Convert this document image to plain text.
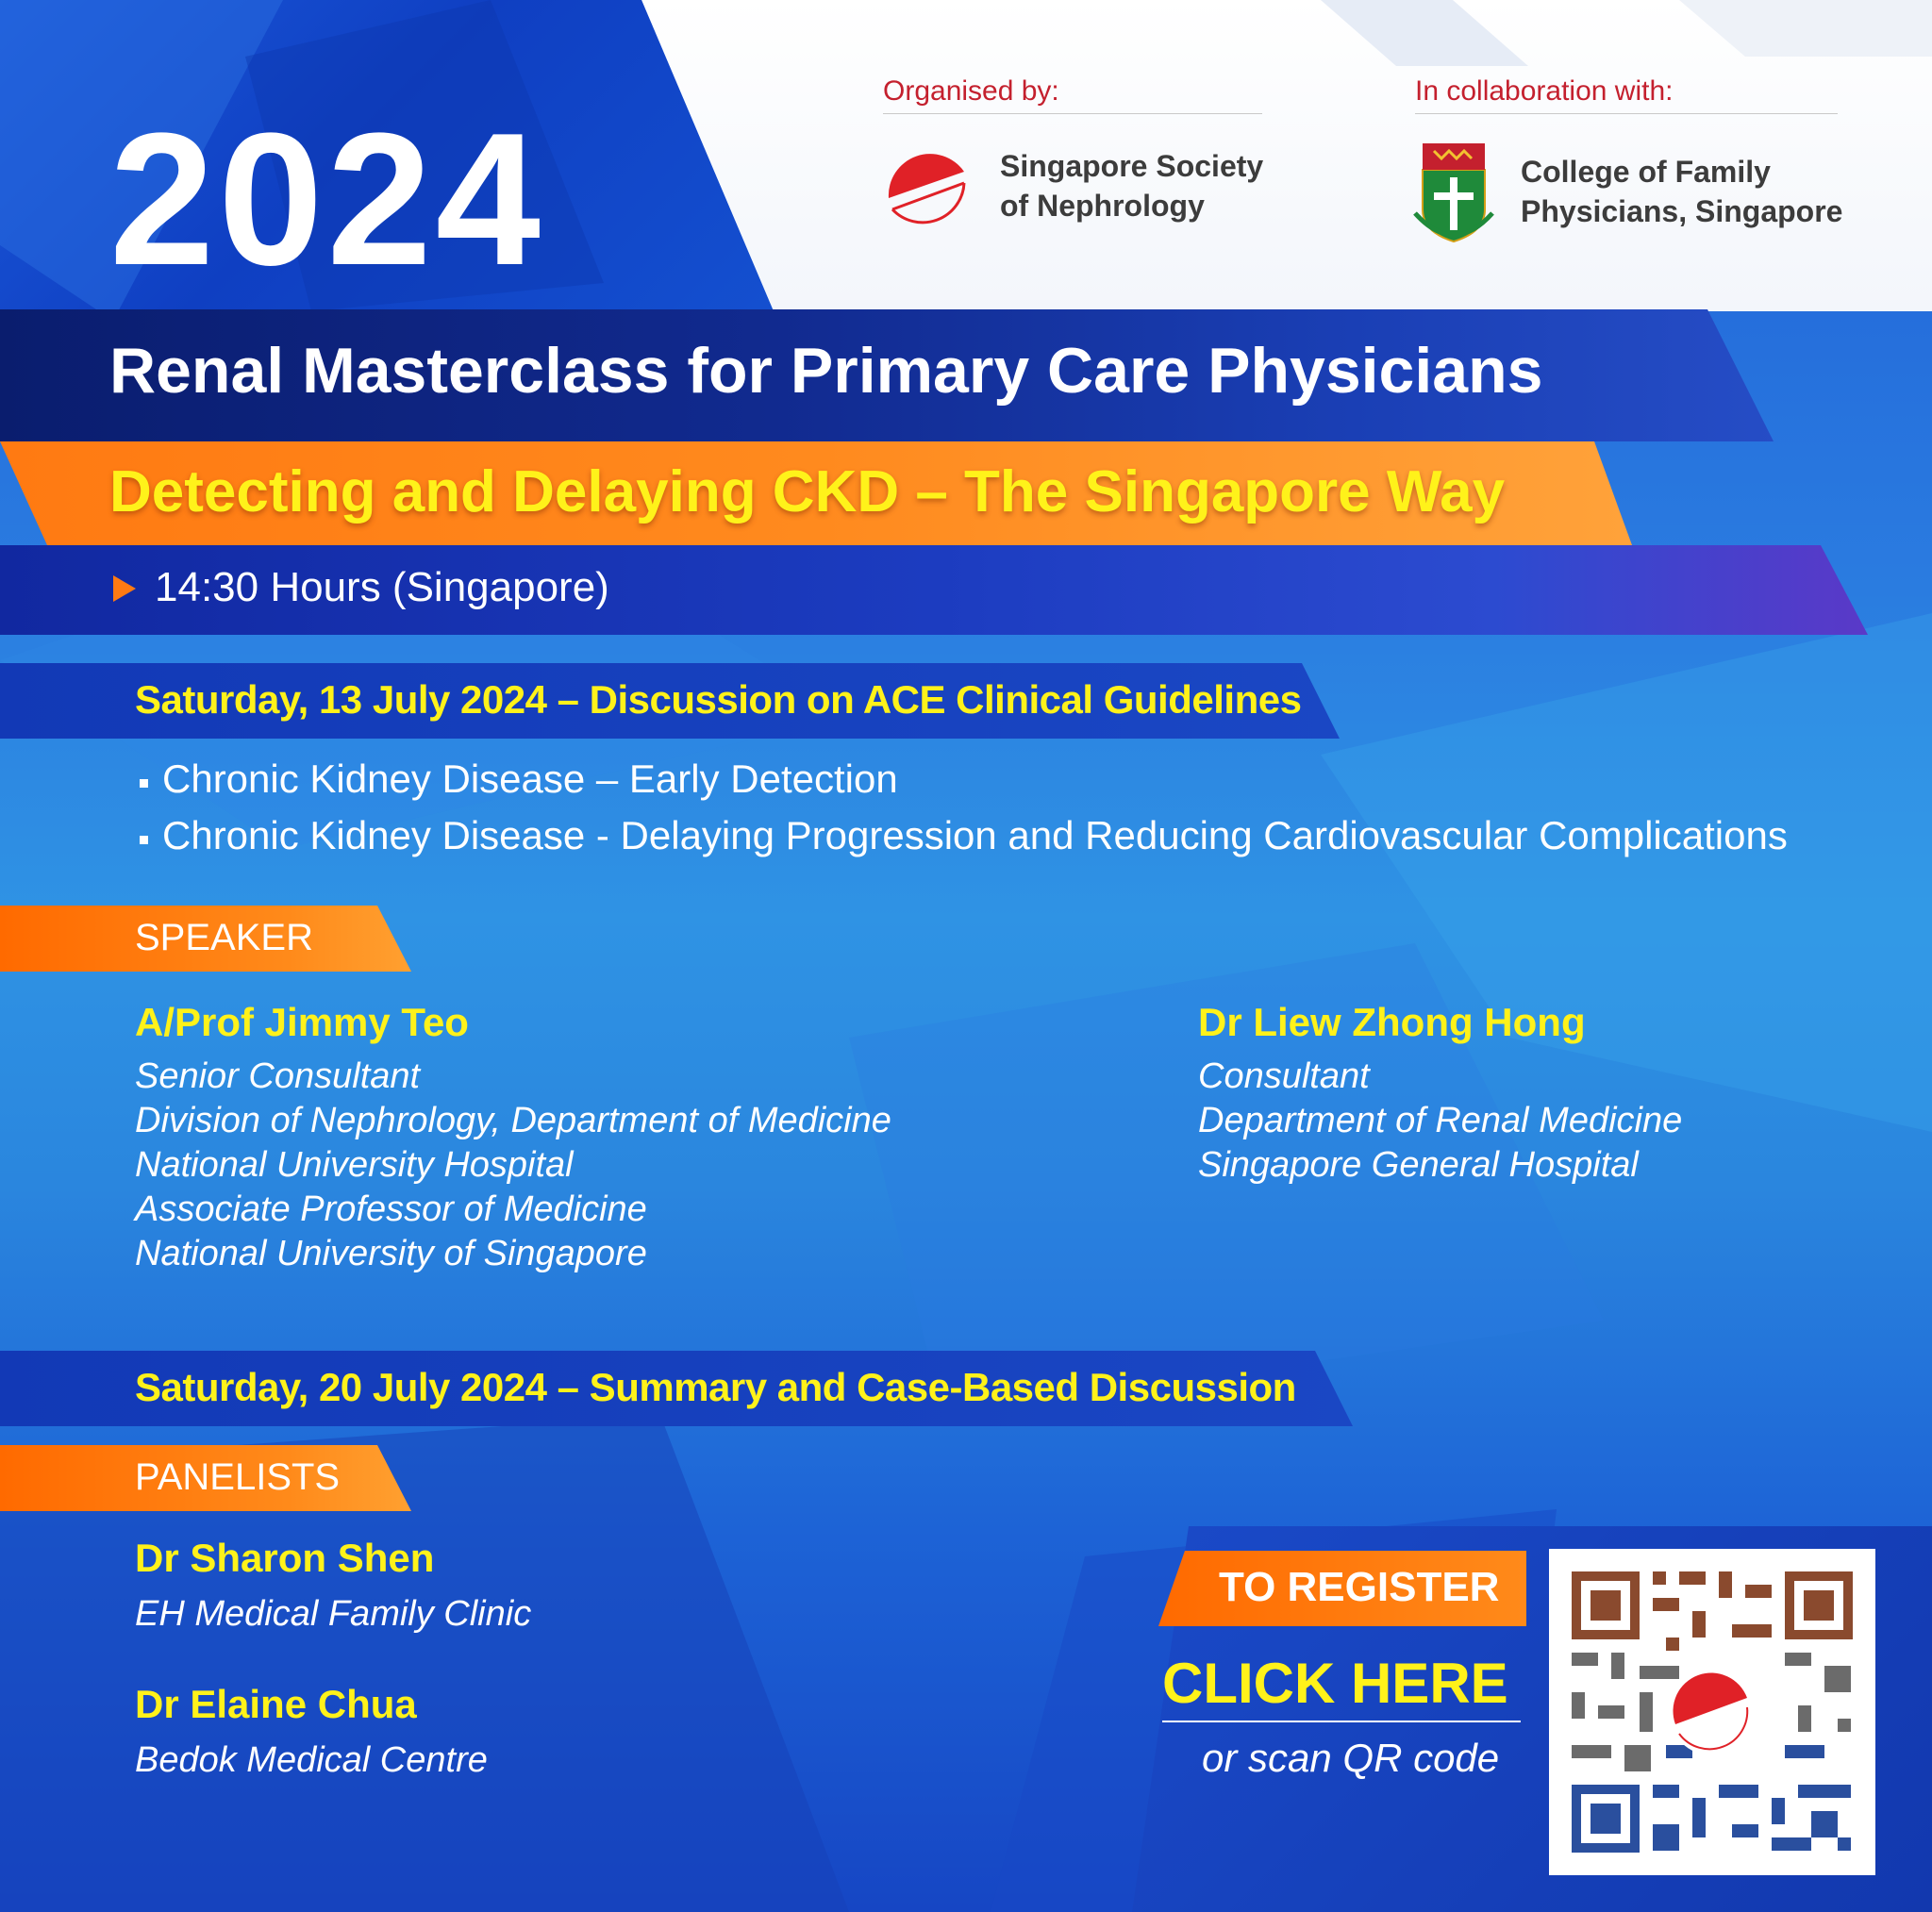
2024
Organised by:
Singapore Society
of Nephrology
In collaboration with:
College of Family
Physicians, Singapore
Renal Masterclass for Primary Care Physicians
Detecting and Delaying CKD – The Singapore Way
14:30 Hours (Singapore)
Saturday, 13 July 2024 – Discussion on ACE Clinical Guidelines
Chronic Kidney Disease – Early Detection
Chronic Kidney Disease - Delaying Progression and Reducing Cardiovascular Complications
SPEAKER
A/Prof Jimmy Teo
Senior Consultant
Division of Nephrology, Department of Medicine
National University Hospital
Associate Professor of Medicine
National University of Singapore
Dr Liew Zhong Hong
Consultant
Department of Renal Medicine
Singapore General Hospital
Saturday, 20 July 2024 – Summary and Case-Based Discussion
PANELISTS
Dr Sharon Shen
EH Medical Family Clinic
Dr Elaine Chua
Bedok Medical Centre
TO REGISTER
CLICK HERE
or scan QR code
